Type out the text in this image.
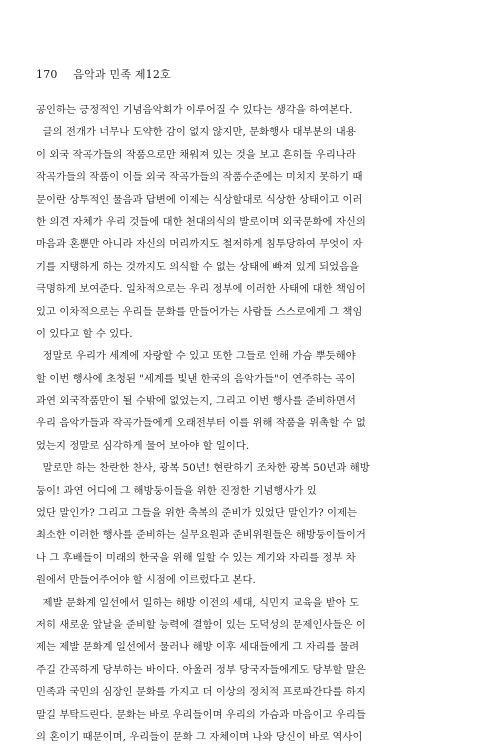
170 음악과 민족 제12호
공인하는 긍정적인 기념음악회가 이루어질 수 있다는 생각을 하여본다.
글의 전개가 너무나 도약한 감이 없지 않지만, 문화행사 대부분의 내용
이 외국 작곡가들의 작품으로만 채워져 있는 것을 보고 흔히들 우리나라
작곡가들의 작품이 이들 외국 작곡가들의 작품수준에는 미치지 못하기 때
문이란 상투적인 물음과 답변에 이제는 식상할대로 식상한 상태이고 이러
한 의견 자체가 우리 것들에 대한 천대의식의 발로이며 외국문화에 자신의
마음과 혼뿐만 아니라 자신의 머리까지도 철저하게 침투당하여 무엇이 자
기를 지탱하게 하는 것까지도 의식할 수 없는 상태에 빠져 있게 되었음을
극명하게 보여준다. 일차적으로는 우리 정부에 이러한 사태에 대한 책임이
있고 이차적으로는 우리들 문화를 만들어가는 사람들 스스로에게 그 책임
이 있다고 할 수 있다.
정말로 우리가 세계에 자랑할 수 있고 또한 그들로 인해 가슴 뿌듯해야
할 이번 행사에 초청된 "세계를 빛낸 한국의 음악가들"이 연주하는 곡이
과연 외국작품만이 될 수밖에 없었는지, 그리고 이번 행사를 준비하면서
우리 음악가들과 작곡가들에게 오래전부터 이를 위해 작품을 위촉할 수 없
었는지 정말로 심각하게 물어 보아야 할 일이다.
말로만 하는 찬란한 찬사, 광복 50년! 현란하기 조차한 광복 50년과 해방
둥이! 과연 어디에 그 해방둥이들을 위한 진정한 기념행사가 있
었단 말인가? 그리고 그들을 위한 축복의 준비가 있었단 말인가? 이제는
최소한 이러한 행사를 준비하는 실무요원과 준비위원들은 해방둥이들이거
나 그 후배들이 미래의 한국을 위해 일할 수 있는 계기와 자리를 정부 차
원에서 만들어주어야 할 시점에 이르렀다고 본다.
제발 문화계 일선에서 일하는 해방 이전의 세대, 식민지 교육을 받아 도
저히 새로운 앞날을 준비할 능력에 결함이 있는 도덕성의 문제인사들은 이
제는 제발 문화계 일선에서 물러나 해방 이후 세대들에게 그 자리를 물려
주길 간곡하게 당부하는 바이다. 아울러 정부 당국자들에게도 당부할 말은
민족과 국민의 심장인 문화를 가지고 더 이상의 정치적 프로파간다를 하지
말길 부탁드린다. 문화는 바로 우리들이며 우리의 가슴과 마음이고 우리들
의 혼이기 때문이며, 우리들이 문화 그 자체이며 나와 당신이 바로 역사이
